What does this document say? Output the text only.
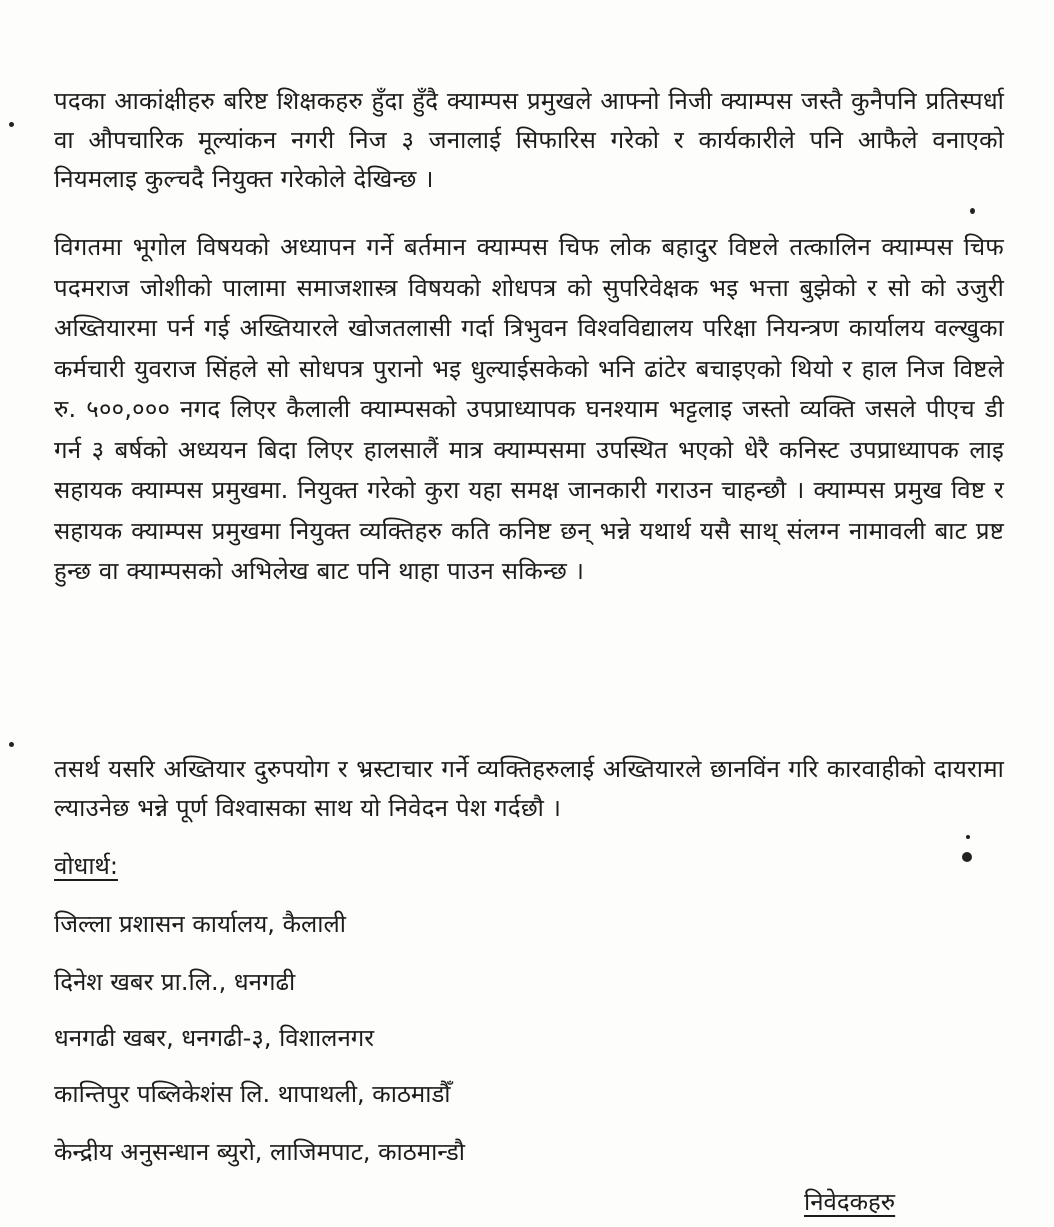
पदका आकांक्षीहरु बरिष्ट शिक्षकहरु हुँदा हुँदै क्याम्पस प्रमुखले आफ्नो निजी क्याम्पस जस्तै कुनैपनि प्रतिस्पर्धा वा औपचारिक मूल्यांकन नगरी निज ३ जनालाई सिफारिस गरेको र कार्यकारीले पनि आफैले वनाएको नियमलाइ कुल्चदै नियुक्त गरेकोले देखिन्छ ।
विगतमा भूगोल विषयको अध्यापन गर्ने बर्तमान क्याम्पस चिफ लोक बहादुर विष्टले तत्कालिन क्याम्पस चिफ पदमराज जोशीको पालामा समाजशास्त्र विषयको शोधपत्र को सुपरिवेक्षक भइ भत्ता बुझेको र सो को उजुरी अख्तियारमा पर्न गई अख्तियारले खोजतलासी गर्दा त्रिभुवन विश्वविद्यालय परिक्षा नियन्त्रण कार्यालय वल्खुका कर्मचारी युवराज सिंहले सो सोधपत्र पुरानो भइ धुल्याईसकेको भनि ढांटेर बचाइएको थियो र हाल निज विष्टले रु. ५००,००० नगद लिएर कैलाली क्याम्पसको उपप्राध्यापक घनश्याम भट्टलाइ जस्तो व्यक्ति जसले पीएच डी गर्न ३ बर्षको अध्ययन बिदा लिएर हालसालैं मात्र क्याम्पसमा उपस्थित भएको धेरै कनिस्ट उपप्राध्यापक लाइ सहायक क्याम्पस प्रमुखमा. नियुक्त गरेको कुरा यहा समक्ष जानकारी गराउन चाहन्छौ । क्याम्पस प्रमुख विष्ट र सहायक क्याम्पस प्रमुखमा नियुक्त व्यक्तिहरु कति कनिष्ट छन् भन्ने यथार्थ यसै साथ् संलग्न नामावली बाट प्रष्ट हुन्छ वा क्याम्पसको अभिलेख बाट पनि थाहा पाउन सकिन्छ ।
तसर्थ यसरि अख्तियार दुरुपयोग र भ्रस्टाचार गर्ने व्यक्तिहरुलाई अख्तियारले छानविंन गरि कारवाहीको दायरामा ल्याउनेछ भन्ने पूर्ण विश्वासका साथ यो निवेदन पेश गर्दछौ ।
वोधार्थ:
जिल्ला प्रशासन कार्यालय, कैलाली
दिनेश खबर प्रा.लि., धनगढी
धनगढी खबर, धनगढी-३, विशालनगर
कान्तिपुर पब्लिकेशंस लि. थापाथली, काठमाडौँ
केन्द्रीय अनुसन्धान ब्युरो, लाजिमपाट, काठमान्डौ
निवेदकहरु
